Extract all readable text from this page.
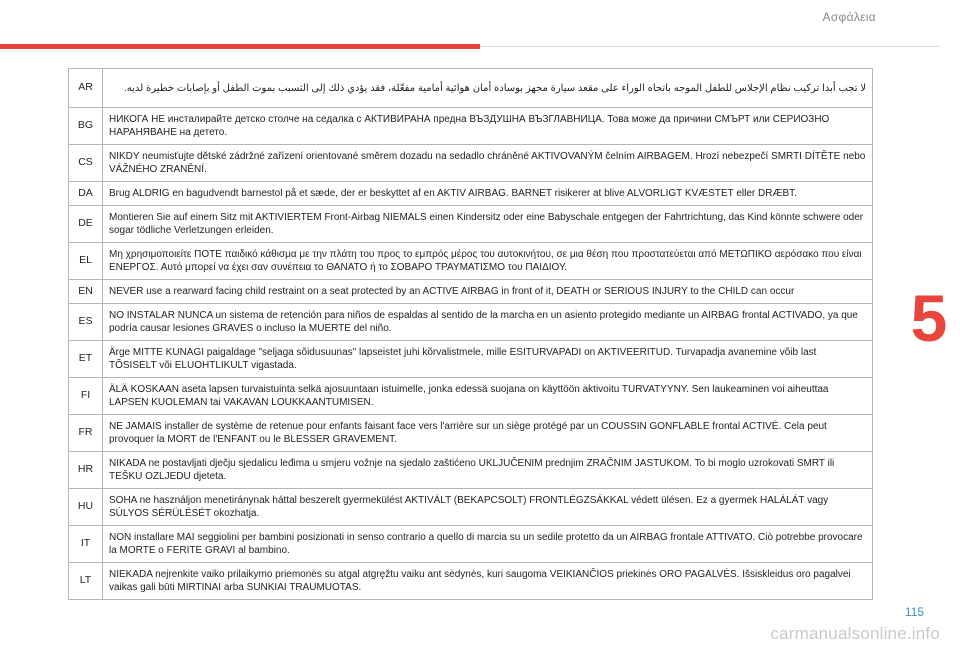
Ασφάλεια
5
AR	لا تجب أبدا تركيب نظام الإجلاس للطفل الموجه باتجاه الوراء على مقعد سيارة مجهز بوسادة أمان هوائية أمامية مفعّلة، فقد يؤدي ذلك إلى التسبب بموت الطفل أو بإصابات خطيرة لديه.
BG	НИКОГА НЕ инсталирайте детско столче на седалка с АКТИВИРАНА предна ВЪЗДУШНА ВЪЗГЛАВНИЦА. Това може да причини СМЪРТ или СЕРИОЗНО НАРАНЯВАНЕ на детето.
CS	NIKDY neumisťujte dětské zádržné zařízení orientované směrem dozadu na sedadlo chráněné AKTIVOVANÝM čelním AIRBAGEM. Hrozí nebezpečí SMRTI DÍTĚTE nebo VÁŽNÉHO ZRANĚNÍ.
DA	Brug ALDRIG en bagudvendt barnestol på et sæde, der er beskyttet af en AKTIV AIRBAG. BARNET risikerer at blive ALVORLIGT KVÆSTET eller DRÆBT.
DE	Montieren Sie auf einem Sitz mit AKTIVIERTEM Front-Airbag NIEMALS einen Kindersitz oder eine Babyschale entgegen der Fahrtrichtung, das Kind könnte schwere oder sogar tödliche Verletzungen erleiden.
EL	Μη χρησιμοποιείτε ΠΟΤΕ παιδικό κάθισμα με την πλάτη του προς το εμπρός μέρος του αυτοκινήτου, σε μια θέση που προστατεύεται από ΜΕΤΩΠΙΚΟ αερόσακο που είναι ΕΝΕΡΓΟΣ. Αυτό μπορεί να έχει σαν συνέπεια το ΘΑΝΑΤΟ ή το ΣΟΒΑΡΟ ΤΡΑΥΜΑΤΙΣΜΟ του ΠΑΙΔΙΟΥ.
EN	NEVER use a rearward facing child restraint on a seat protected by an ACTIVE AIRBAG in front of it, DEATH or SERIOUS INJURY to the CHILD can occur
ES	NO INSTALAR NUNCA un sistema de retención para niños de espaldas al sentido de la marcha en un asiento protegido mediante un AIRBAG frontal ACTIVADO, ya que podría causar lesiones GRAVES o incluso la MUERTE del niño.
ET	Ärge MITTE KUNAGI paigaldage "seljaga sõidusuunas" lapseistet juhi kõrvalistmele, mille ESITURVAPADI on AKTIVEERITUD. Turvapadja avanemine võib last TÕSISELT või ELUOHTLIKULT vigastada.
FI	ÄLÄ KOSKAAN aseta lapsen turvaistuinta selkä ajosuuntaan istuimelle, jonka edessä suojana on käyttöön aktivoitu TURVATYYNY. Sen laukeaminen voi aiheuttaa LAPSEN KUOLEMAN tai VAKAVAN LOUKKAANTUMISEN.
FR	NE JAMAIS installer de système de retenue pour enfants faisant face vers l'arrière sur un siège protégé par un COUSSIN GONFLABLE frontal ACTIVÉ. Cela peut provoquer la MORT de l'ENFANT ou le BLESSER GRAVEMENT.
HR	NIKADA ne postavljati dječju sjedalicu leđima u smjeru vožnje na sjedalo zaštićeno UKLJUČENIM prednjim ZRAČNIM JASTUKOM. To bi moglo uzrokovati SMRT ili TEŠKU OZLJEDU djeteta.
HU	SOHA ne használjon menetiránynak háttal beszerelt gyermekülést AKTIVÁLT (BEKAPCSOLT) FRONTLÉGZSÁKKAL védett ülésen. Ez a gyermek HALÁLÁT vagy SÚLYOS SÉRÜLÉSÉT okozhatja.
IT	NON installare MAI seggiolini per bambini posizionati in senso contrario a quello di marcia su un sedile protetto da un AIRBAG frontale ATTIVATO. Ciò potrebbe provocare la MORTE o FERITE GRAVI al bambino.
LT	NIEKADA nejrenkite vaiko prilaikymo priemonės su atgal atgręžtu vaiku ant sėdynės, kuri saugoma VEIKIANČIOS priekinės ORO PAGALVĖS. Išsiskleidus oro pagalvei vaikas gali būti MIRTINAI arba SUNKIAI TRAUMUOTAS.
115
carmanualsonline.info
